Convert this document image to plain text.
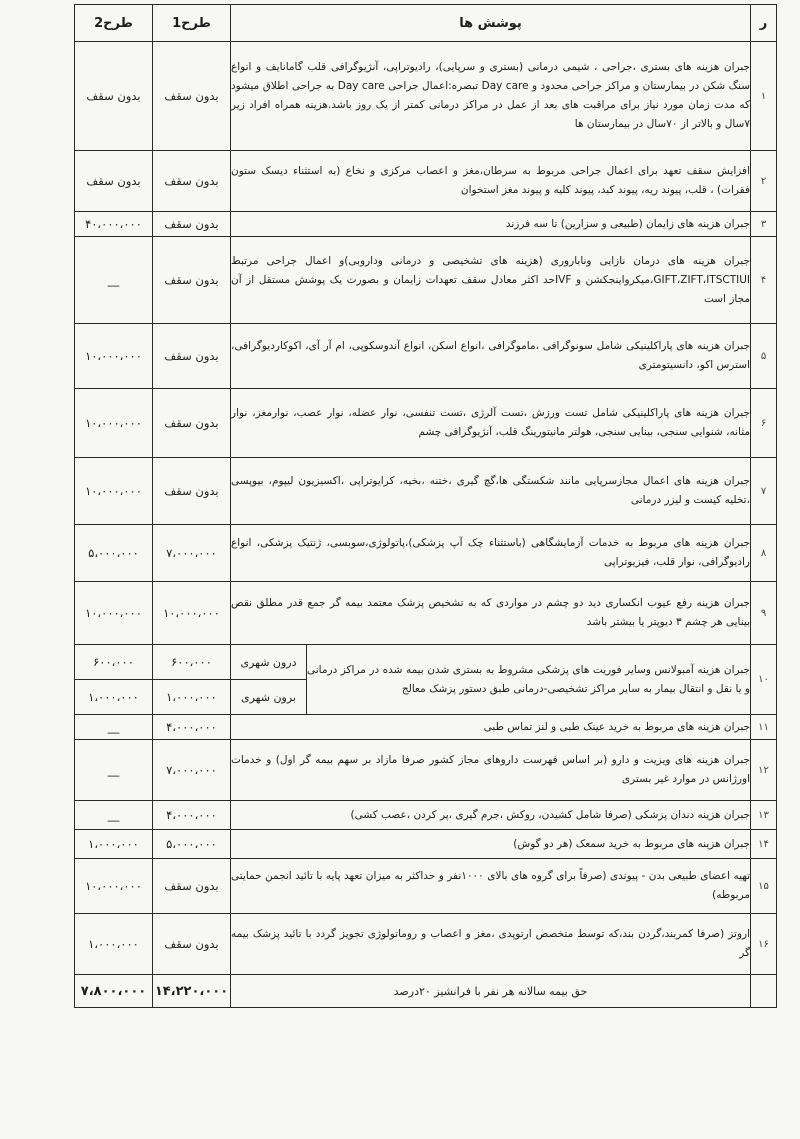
ر	پوشش ها		طرح1	طرح2
۱	جبران هزینه های بستری ،جراحی ، شیمی درمانی (بستری و سرپایی)، رادیوتراپی، آنژیوگرافی قلب گامانایف و انواع سنگ شکن در بیمارستان و مراکز جراحی محدود و Day care تبصره:اعمال جراحی Day care به جراحی اطلاق میشود که مدت زمان مورد نیاز برای مراقبت های بعد از عمل در مراکز درمانی کمتر از یک روز باشد.هزینه همراه افراد زیر ۷سال و بالاتر از ۷۰سال در بیمارستان ها		بدون سقف	بدون سقف
۲	افزایش سقف تعهد برای اعمال جراحی مربوط به سرطان،مغز و اعصاب مرکزی و نخاع (به استثناء دیسک ستون فقرات) ، قلب، پیوند ریه، پیوند کبد، پیوند کلیه و پیوند مغز استخوان		بدون سقف	بدون سقف
۳	جبران هزینه های زایمان (طبیعی و سزارین) تا سه فرزند		بدون سقف	۴۰،۰۰۰،۰۰۰
۴	جبران هزینه های درمان نازایی وناباروری (هزینه های تشخیصی و درمانی وداروبی)و اعمال جراحی مرتبط GIFT،ZIFT،ITSCTIUI،میکرواینجکشن و IVFحد اکثر معادل سقف تعهدات زایمان و بصورت یک پوشش مستقل از آن مجاز است		بدون سقف	__
۵	جبران هزینه های پاراکلینیکی شامل سونوگرافی ،ماموگرافی ،انواع اسکن، انواع آندوسکوپی، ام آر آی، اکوکاردیوگرافی، استرس اکو، دانسیتومتری		بدون سقف	۱۰،۰۰۰،۰۰۰
۶	جبران هزینه های پاراکلینیکی شامل تست ورزش ،تست آلرژی ،تست تنفسی، نوار عضله، نوار عصب، نوارمغز، نوار مثانه، شنوایی سنجی، بینایی سنجی، هولتر مانیتورینگ قلب، آنژیوگرافی چشم		بدون سقف	۱۰،۰۰۰،۰۰۰
۷	جبران هزینه های اعمال مجازسرپایی مانند شکستگی ها،گچ گیری ،ختنه ،بخیه، کرایوتراپی ،اکسیزیون لیپوم، بیوپسی ،تخلیه کیست و لیزر درمانی		بدون سقف	۱۰،۰۰۰،۰۰۰
۸	جبران هزینه های مربوط به خدمات آزمایشگاهی (باستثناء چک آپ پزشکی)،پاتولوژی،سوبسی، ژنتیک پزشکی، انواع رادیوگرافی، نوار قلب، فیزیوتراپی		۷،۰۰۰،۰۰۰	۵،۰۰۰،۰۰۰
۹	جبران هزینه رفع عیوب انکساری دید دو چشم در مواردی که به تشخیص پزشک معتمد بیمه گر جمع قدر مطلق نقص بینایی هر چشم ۳ دیوپتر یا بیشتر باشد		۱۰،۰۰۰،۰۰۰	۱۰،۰۰۰،۰۰۰
۱۰	جبران هزینه آمبولانس وسایر فوریت های پزشکی مشروط به بستری شدن بیمه شده در مراکز درمانی و یا نقل و انتقال بیمار به سایر مراکز تشخیصی-درمانی طبق دستور پزشک معالج	درون شهری	۶۰۰،۰۰۰	۶۰۰،۰۰۰
		برون شهری	۱،۰۰۰،۰۰۰	۱،۰۰۰،۰۰۰
۱۱	جبران هزینه های مربوط به خرید عینک طبی و لنز تماس طبی		۴،۰۰۰،۰۰۰	__
۱۲	جبران هزینه های ویزیت و دارو (بر اساس فهرست داروهای مجاز کشور صرفا مازاد بر سهم بیمه گر اول) و خدمات اورژانس در موارد غیر بستری		۷،۰۰۰،۰۰۰	__
۱۳	جبران هزینه دندان پزشکی (صرفا شامل کشیدن، روکش ،جرم گیری ،پر کردن ،عصب کشی)		۴،۰۰۰،۰۰۰	__
۱۴	جبران هزینه های مربوط به خرید سمعک (هر دو گوش)		۵،۰۰۰،۰۰۰	۱،۰۰۰،۰۰۰
۱۵	تهیه اعضای طبیعی بدن - پیوندی (صرفاً برای گروه های بالای ۱۰۰۰نفر و حداکثر به میزان تعهد پایه با تائید انجمن حمایتی مربوطه)		بدون سقف	۱۰،۰۰۰،۰۰۰
۱۶	اروتز (صرفا کمربند،گردن بند،که توسط متخصص ارتوپدی ،مغز و اعصاب و روماتولوژی تجویز گردد با تائید پزشک بیمه گر		بدون سقف	۱،۰۰۰،۰۰۰
	حق بیمه سالانه هر نفر با فرانشیز ۲۰درصد		۱۴،۲۲۰،۰۰۰	۷،۸۰۰،۰۰۰
